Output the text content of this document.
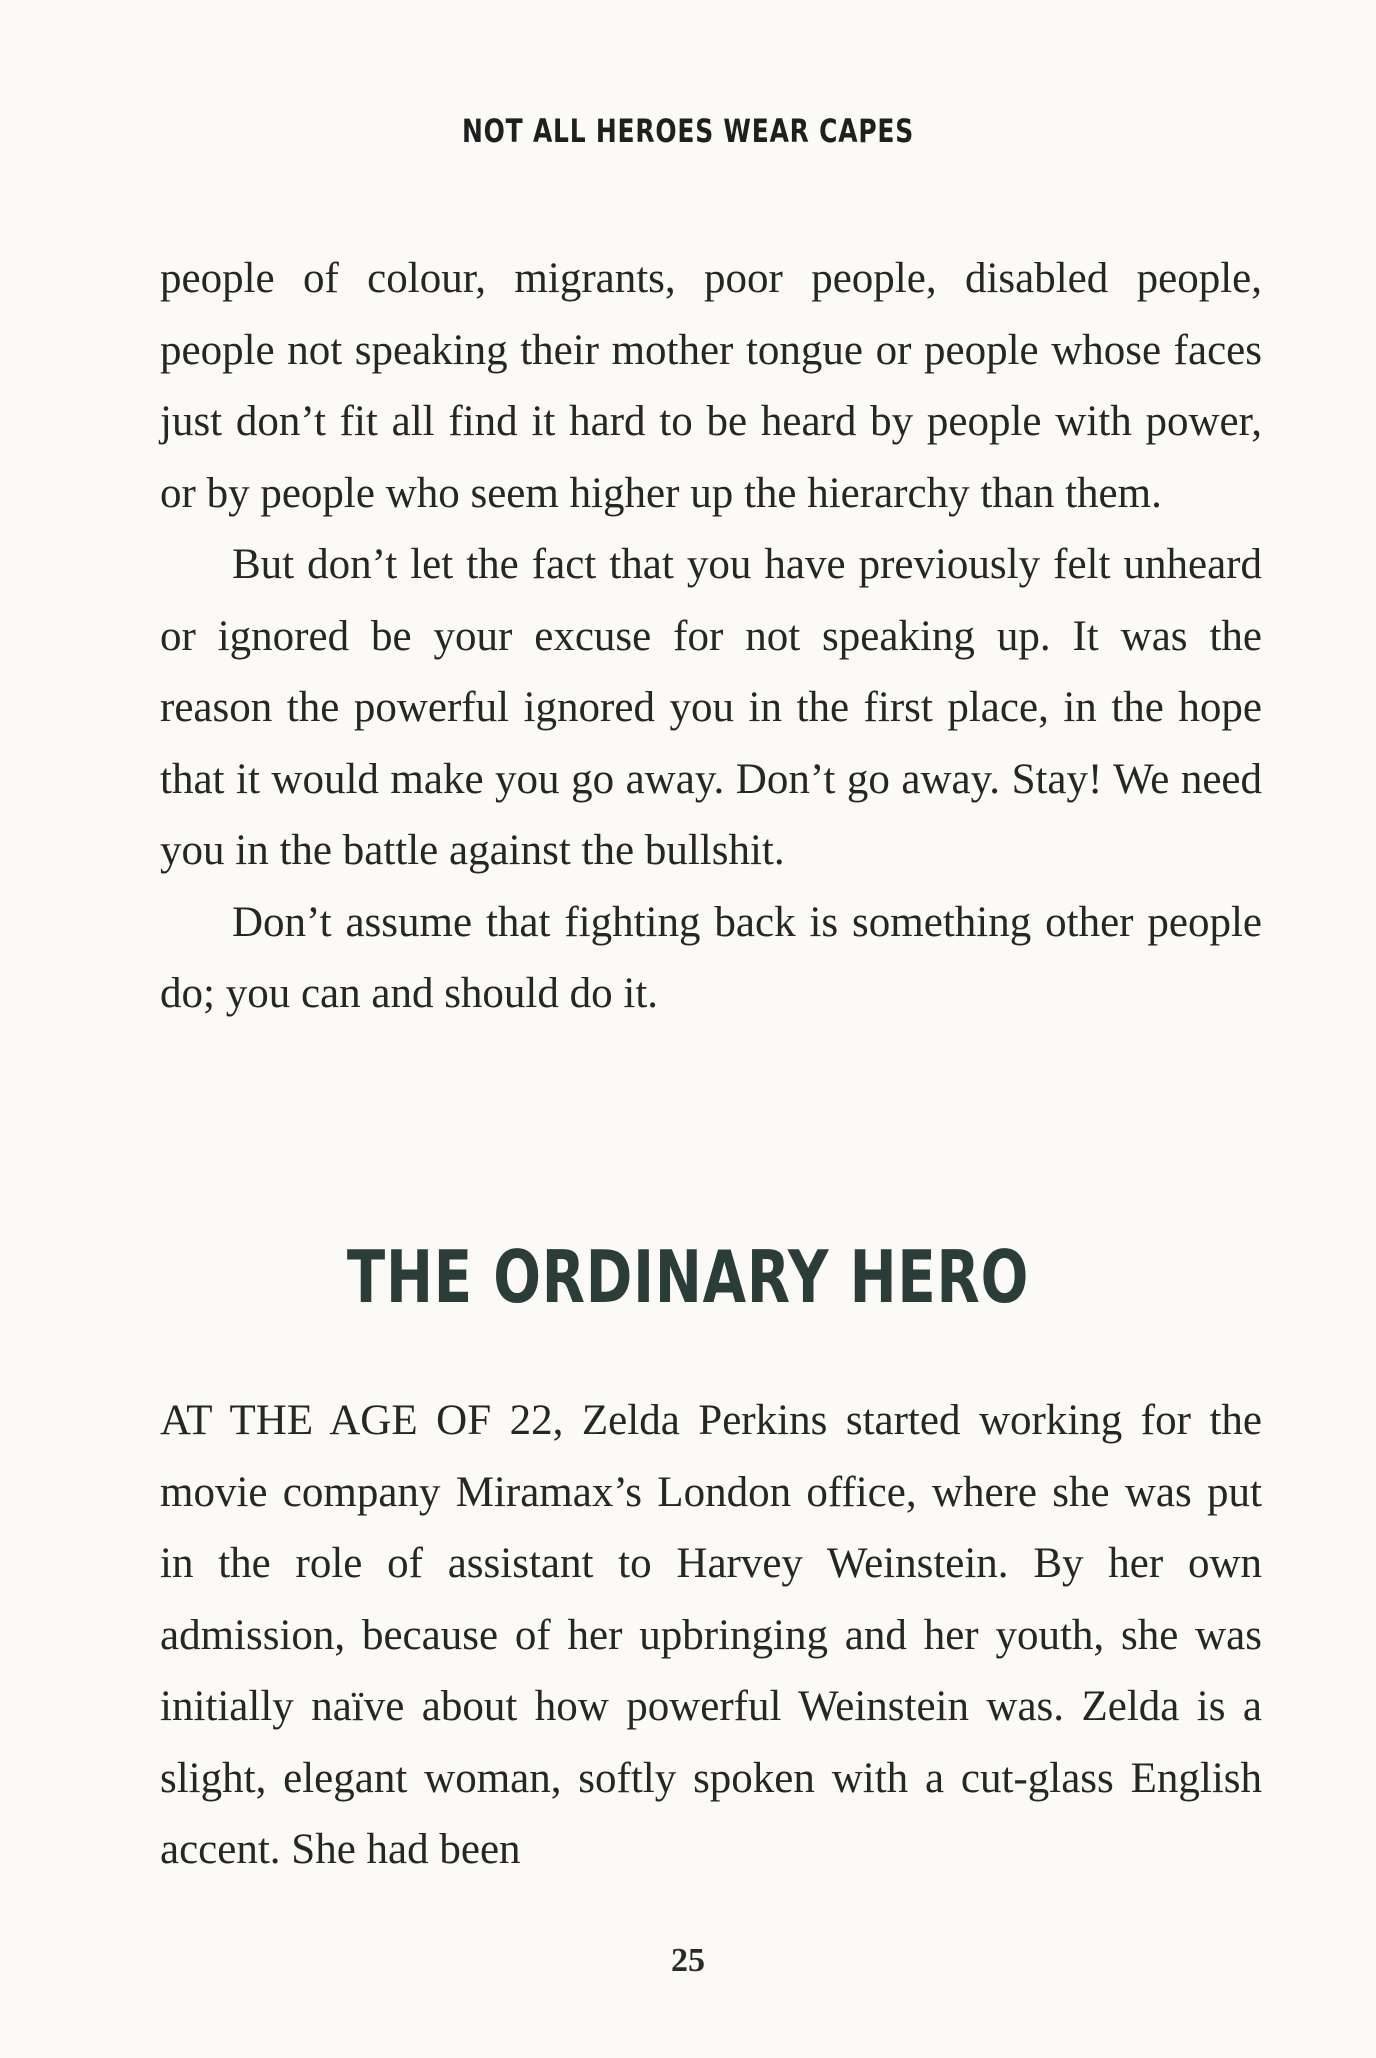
NOT ALL HEROES WEAR CAPES

people of colour, migrants, poor people, disabled people, people not speaking their mother tongue or people whose faces just don’t fit all find it hard to be heard by people with power, or by people who seem higher up the hierarchy than them.

But don’t let the fact that you have previously felt unheard or ignored be your excuse for not speaking up. It was the reason the powerful ignored you in the first place, in the hope that it would make you go away. Don’t go away. Stay! We need you in the battle against the bullshit.

Don’t assume that fighting back is something other people do; you can and should do it.

THE ORDINARY HERO

AT THE AGE OF 22, Zelda Perkins started working for the movie company Miramax’s London office, where she was put in the role of assistant to Harvey Weinstein. By her own admission, because of her upbringing and her youth, she was initially naïve about how powerful Weinstein was. Zelda is a slight, elegant woman, softly spoken with a cut-glass English accent. She had been

25
